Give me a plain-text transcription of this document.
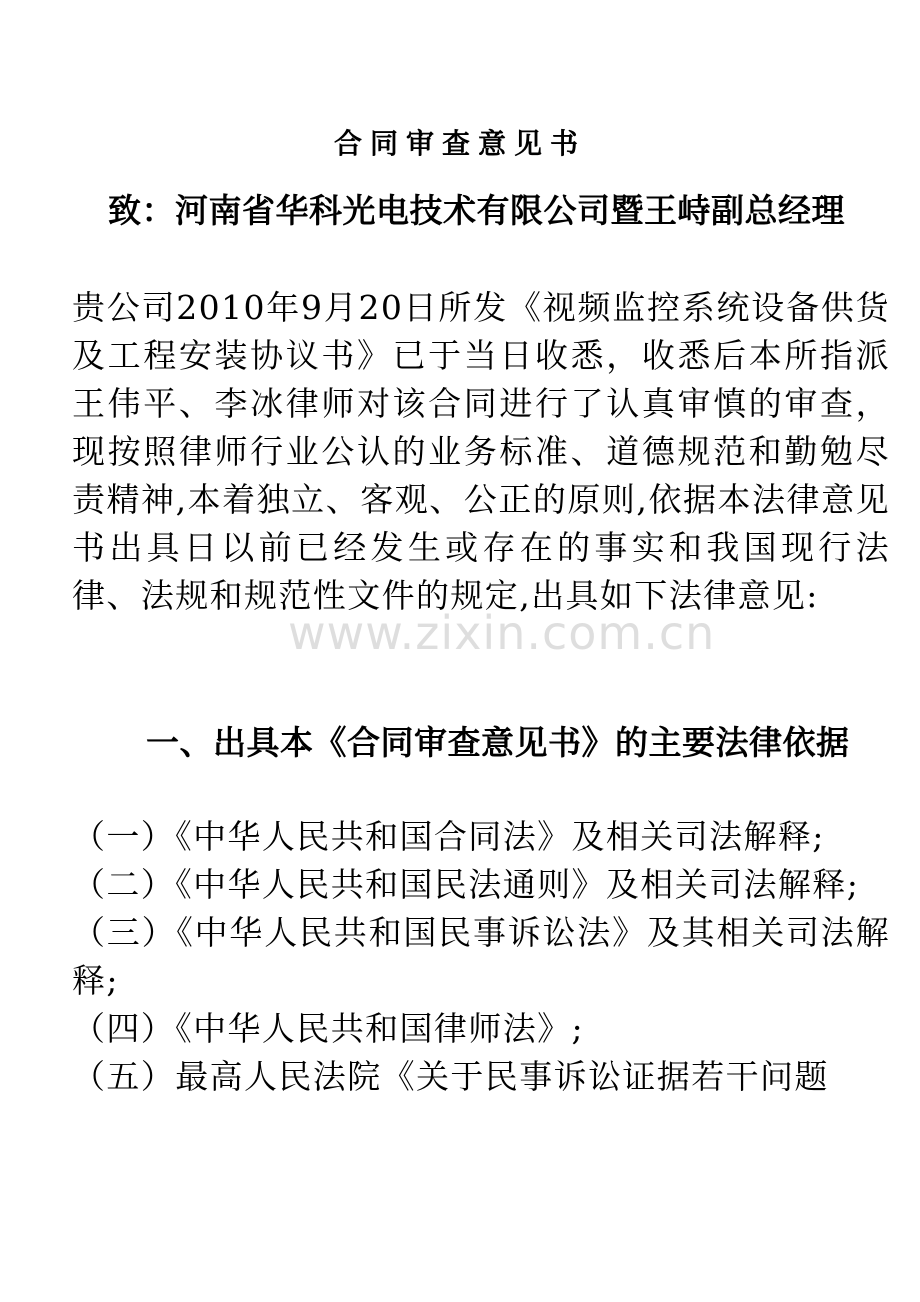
合同审查意见书
致：河南省华科光电技术有限公司暨王峙副总经理
贵公司2010年9月20日所发《视频监控系统设备供货及工程安装协议书》已于当日收悉，收悉后本所指派王伟平、李冰律师对该合同进行了认真审慎的审查，现按照律师行业公认的业务标准、道德规范和勤勉尽责精神,本着独立、客观、公正的原则,依据本法律意见书出具日以前已经发生或存在的事实和我国现行法律、法规和规范性文件的规定,出具如下法律意见:
一、出具本《合同审查意见书》的主要法律依据

（一）《中华人民共和国合同法》及相关司法解释;

（二）《中华人民共和国民法通则》及相关司法解释;

（三）《中华人民共和国民事诉讼法》及其相关司法解释;

（四）《中华人民共和国律师法》;

（五）最高人民法院《关于民事诉讼证据若干问题

www.zixin.com.cn
